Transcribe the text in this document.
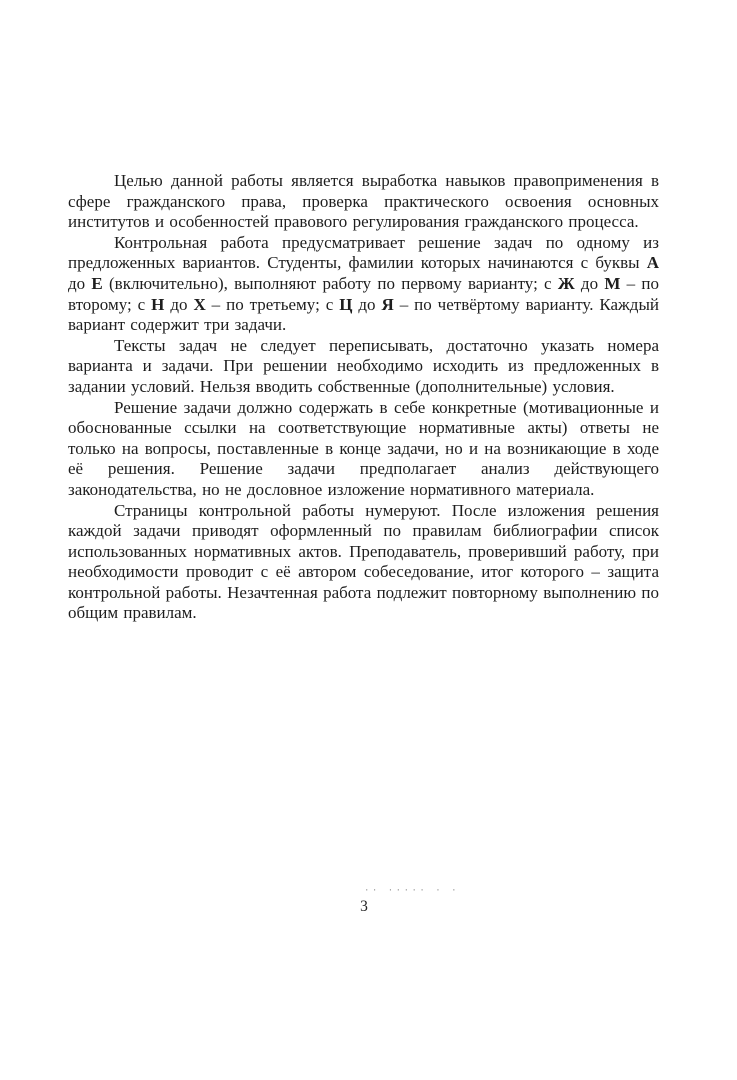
Целью данной работы является выработка навыков правоприменения в сфере гражданского права, проверка практического освоения основных институтов и особенностей правового регулирования гражданского процесса.

Контрольная работа предусматривает решение задач по одному из предложенных вариантов. Студенты, фамилии которых начинаются с буквы А до Е (включительно), выполняют работу по первому варианту; с Ж до М – по второму; с Н до Х – по третьему; с Ц до Я – по четвёртому варианту. Каждый вариант содержит три задачи.

Тексты задач не следует переписывать, достаточно указать номера варианта и задачи. При решении необходимо исходить из предложенных в задании условий. Нельзя вводить собственные (дополнительные) условия.

Решение задачи должно содержать в себе конкретные (мотивационные и обоснованные ссылки на соответствующие нормативные акты) ответы не только на вопросы, поставленные в конце задачи, но и на возникающие в ходе её решения. Решение задачи предполагает анализ действующего законодательства, но не дословное изложение нормативного материала.

Страницы контрольной работы нумеруют. После изложения решения каждой задачи приводят оформленный по правилам библиографии список использованных нормативных актов. Преподаватель, проверивший работу, при необходимости проводит с её автором собеседование, итог которого – защита контрольной работы. Незачтенная работа подлежит повторному выполнению по общим правилам.

·· ····· · ·
3
